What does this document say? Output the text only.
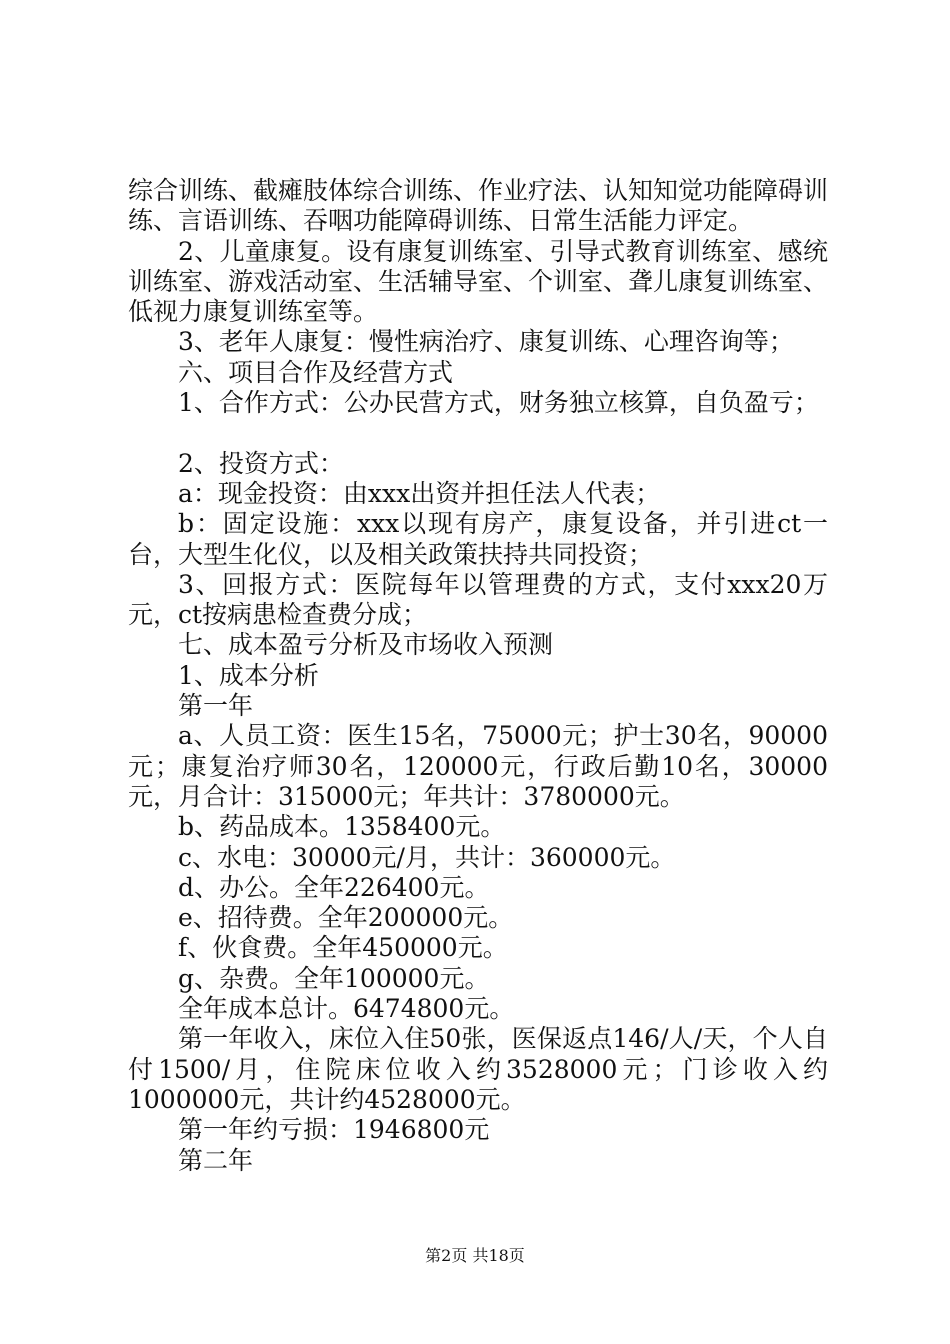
综合训练、截瘫肢体综合训练、作业疗法、认知知觉功能障碍训练、言语训练、吞咽功能障碍训练、日常生活能力评定。

2、儿童康复。设有康复训练室、引导式教育训练室、感统训练室、游戏活动室、生活辅导室、个训室、聋儿康复训练室、低视力康复训练室等。

3、老年人康复：慢性病治疗、康复训练、心理咨询等；

六、项目合作及经营方式

1、合作方式：公办民营方式，财务独立核算，自负盈亏；

2、投资方式：

a：现金投资：由xxx出资并担任法人代表；

b：固定设施：xxx以现有房产，康复设备，并引进ct一台，大型生化仪，以及相关政策扶持共同投资；

3、回报方式：医院每年以管理费的方式，支付xxx20万元，ct按病患检查费分成；

七、成本盈亏分析及市场收入预测

1、成本分析

第一年

a、人员工资：医生15名，75000元；护士30名，90000元；康复治疗师30名，120000元，行政后勤10名，30000元，月合计：315000元；年共计：3780000元。

b、药品成本。1358400元。

c、水电：30000元/月，共计：360000元。

d、办公。全年226400元。

e、招待费。全年200000元。

f、伙食费。全年450000元。

g、杂费。全年100000元。

全年成本总计。6474800元。

第一年收入，床位入住50张，医保返点146/人/天，个人自付1500/月，住院床位收入约3528000元；门诊收入约1000000元，共计约4528000元。

第一年约亏损：1946800元

第二年

第2页 共18页
